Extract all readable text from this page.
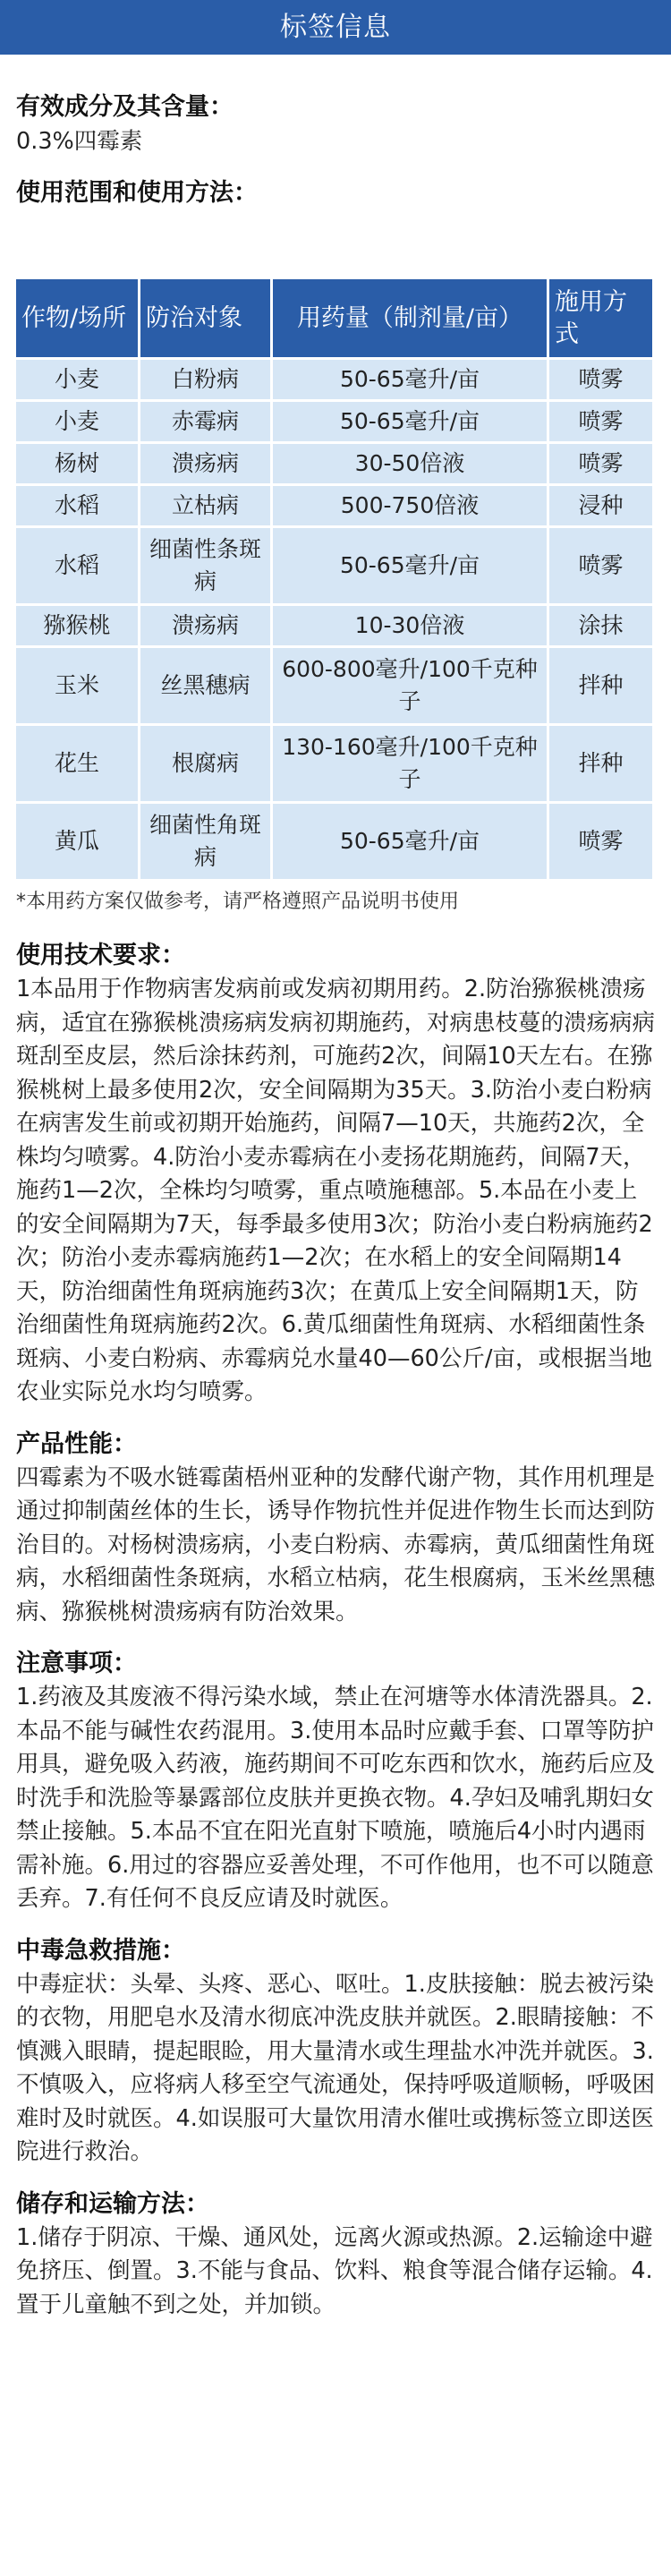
标签信息

有效成分及其含量：

0.3%四霉素

使用范围和使用方法：

作物/场所	防治对象	用药量（制剂量/亩）	施用方式
小麦	白粉病	50-65毫升/亩	喷雾
小麦	赤霉病	50-65毫升/亩	喷雾
杨树	溃疡病	30-50倍液	喷雾
水稻	立枯病	500-750倍液	浸种
水稻	细菌性条斑病	50-65毫升/亩	喷雾
猕猴桃	溃疡病	10-30倍液	涂抹
玉米	丝黑穗病	600-800毫升/100千克种子	拌种
花生	根腐病	130-160毫升/100千克种子	拌种
黄瓜	细菌性角斑病	50-65毫升/亩	喷雾

*本用药方案仅做参考，请严格遵照产品说明书使用

使用技术要求：

1本品用于作物病害发病前或发病初期用药。2.防治猕猴桃溃疡病，适宜在猕猴桃溃疡病发病初期施药，对病患枝蔓的溃疡病病斑刮至皮层，然后涂抹药剂，可施药2次，间隔10天左右。在猕猴桃树上最多使用2次，安全间隔期为35天。3.防治小麦白粉病在病害发生前或初期开始施药，间隔7—10天，共施药2次，全株均匀喷雾。4.防治小麦赤霉病在小麦扬花期施药，间隔7天，施药1—2次，全株均匀喷雾，重点喷施穗部。5.本品在小麦上的安全间隔期为7天，每季最多使用3次；防治小麦白粉病施药2次；防治小麦赤霉病施药1—2次；在水稻上的安全间隔期14天，防治细菌性角斑病施药3次；在黄瓜上安全间隔期1天，防治细菌性角斑病施药2次。6.黄瓜细菌性角斑病、水稻细菌性条斑病、小麦白粉病、赤霉病兑水量40—60公斤/亩，或根据当地农业实际兑水均匀喷雾。

产品性能：

四霉素为不吸水链霉菌梧州亚种的发酵代谢产物，其作用机理是通过抑制菌丝体的生长，诱导作物抗性并促进作物生长而达到防治目的。对杨树溃疡病，小麦白粉病、赤霉病，黄瓜细菌性角斑病，水稻细菌性条斑病，水稻立枯病，花生根腐病，玉米丝黑穗病、猕猴桃树溃疡病有防治效果。

注意事项：

1.药液及其废液不得污染水域，禁止在河塘等水体清洗器具。2.本品不能与碱性农药混用。3.使用本品时应戴手套、口罩等防护用具，避免吸入药液，施药期间不可吃东西和饮水，施药后应及时洗手和洗脸等暴露部位皮肤并更换衣物。4.孕妇及哺乳期妇女禁止接触。5.本品不宜在阳光直射下喷施，喷施后4小时内遇雨需补施。6.用过的容器应妥善处理，不可作他用，也不可以随意丢弃。7.有任何不良反应请及时就医。

中毒急救措施：

中毒症状：头晕、头疼、恶心、呕吐。1.皮肤接触：脱去被污染的衣物，用肥皂水及清水彻底冲洗皮肤并就医。2.眼睛接触：不慎溅入眼睛，提起眼睑，用大量清水或生理盐水冲洗并就医。3.不慎吸入，应将病人移至空气流通处，保持呼吸道顺畅，呼吸困难时及时就医。4.如误服可大量饮用清水催吐或携标签立即送医院进行救治。

储存和运输方法：

1.储存于阴凉、干燥、通风处，远离火源或热源。2.运输途中避免挤压、倒置。3.不能与食品、饮料、粮食等混合储存运输。4.置于儿童触不到之处，并加锁。
